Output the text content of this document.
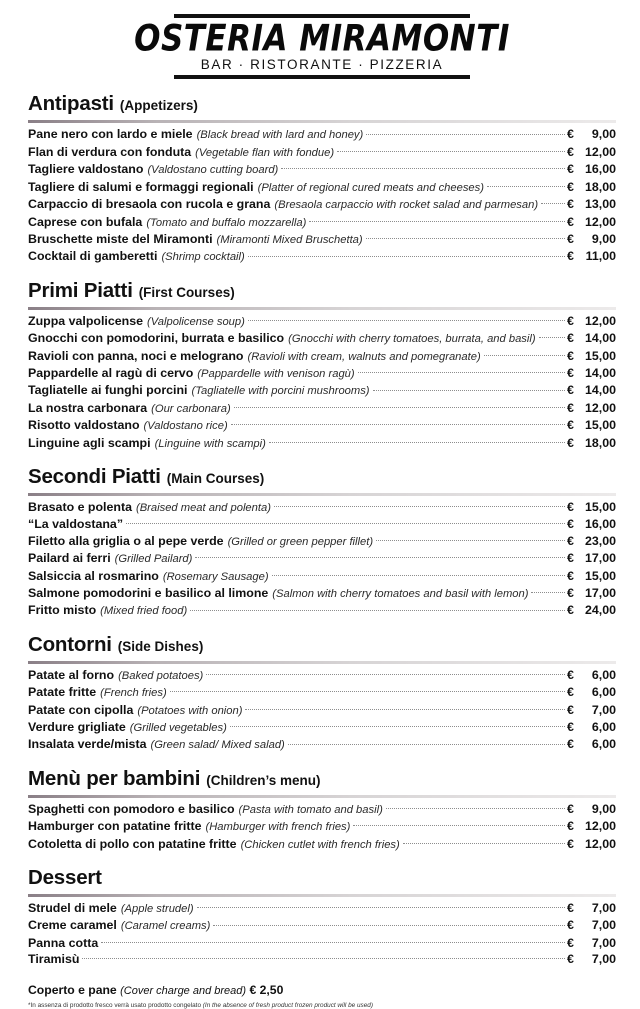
OSTERIA MIRAMONTI
BAR · RISTORANTE · PIZZERIA
Antipasti (Appetizers)
Pane nero con lardo e miele (Black bread with lard and honey)	€	9,00
Flan di verdura con fonduta (Vegetable flan with fondue)	€ 12,00
Tagliere valdostano (Valdostano cutting board)	€ 16,00
Tagliere di salumi e formaggi regionali (Platter of regional cured meats and cheeses)	€ 18,00
Carpaccio di bresaola con rucola e grana (Bresaola carpaccio with rocket salad and parmesan) € 13,00
Caprese con bufala (Tomato and buffalo mozzarella)	€ 12,00
Bruschette miste del Miramonti (Miramonti Mixed Bruschetta)	€	9,00
Cocktail di gamberetti (Shrimp cocktail)	€ 11,00
Primi Piatti (First Courses)
Zuppa valpolicense (Valpolicense soup)	€ 12,00
Gnocchi con pomodorini, burrata e basilico (Gnocchi with cherry tomatoes, burrata, and basil)	€ 14,00
Ravioli con panna, noci e melograno (Ravioli with cream, walnuts and pomegranate)	€ 15,00
Pappardelle al ragù di cervo (Pappardelle with venison ragù)	€ 14,00
Tagliatelle ai funghi porcini (Tagliatelle with porcini mushrooms)	€ 14,00
La nostra carbonara (Our carbonara)	€ 12,00
Risotto valdostano (Valdostano rice)	€ 15,00
Linguine agli scampi (Linguine with scampi)	€ 18,00
Secondi Piatti (Main Courses)
Brasato e polenta (Braised meat and polenta)	€ 15,00
“La valdostana”	€ 16,00
Filetto alla griglia o al pepe verde (Grilled or green pepper fillet)	€ 23,00
Pailard ai ferri (Grilled Pailard)	€ 17,00
Salsiccia al rosmarino (Rosemary Sausage)	€ 15,00
Salmone pomodorini e basilico al limone (Salmon with cherry tomatoes and basil with lemon)	€ 17,00
Fritto misto (Mixed fried food)	€ 24,00
Contorni (Side Dishes)
Patate al forno (Baked potatoes)	€	6,00
Patate fritte (French fries)	€	6,00
Patate con cipolla (Potatoes with onion)	€	7,00
Verdure grigliate (Grilled vegetables)	€	6,00
Insalata verde/mista (Green salad/ Mixed salad)	€	6,00
Menù per bambini (Children’s menu)
Spaghetti con pomodoro e basilico (Pasta with tomato and basil)	€	9,00
Hamburger con patatine fritte (Hamburger with french fries)	€ 12,00
Cotoletta di pollo con patatine fritte (Chicken cutlet with french fries)	€ 12,00
Dessert
Strudel di mele (Apple strudel)	€	7,00
Creme caramel (Caramel creams)	€	7,00
Panna cotta	€	7,00
Tiramisù	€	7,00
Coperto e pane (Cover charge and bread) € 2,50
*In assenza di prodotto fresco verrà usato prodotto congelato (In the absence of fresh product frozen product will be used)
